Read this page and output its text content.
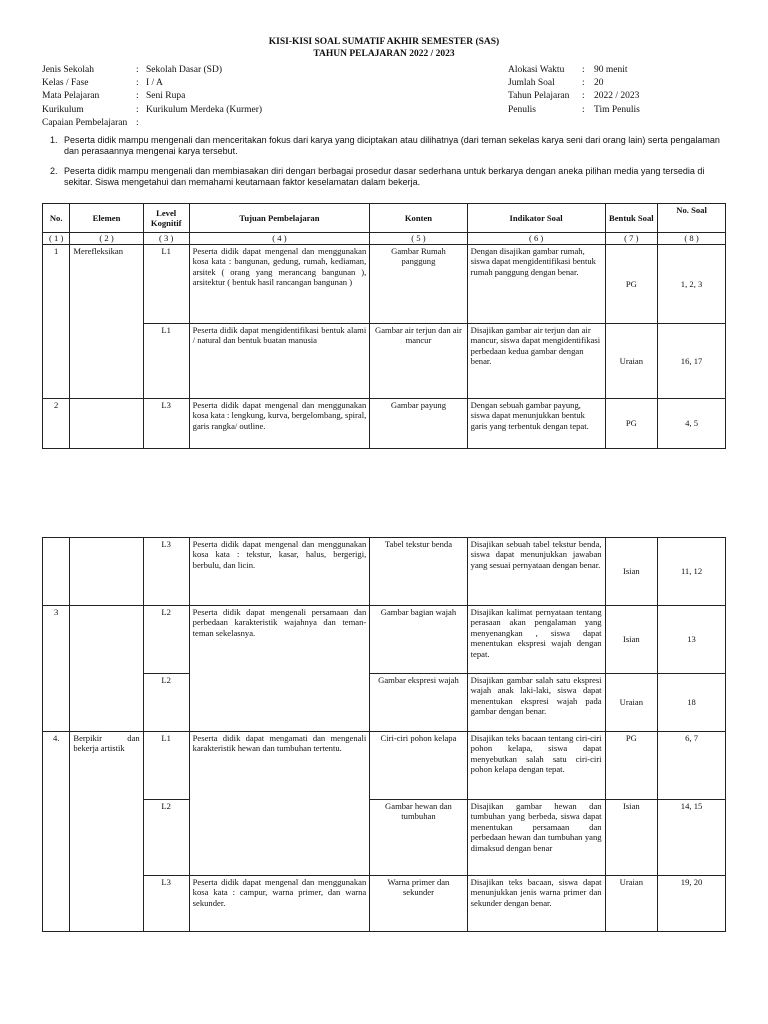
KISI-KISI SOAL SUMATIF AKHIR SEMESTER (SAS)
TAHUN PELAJARAN 2022 / 2023
Jenis Sekolah	: Sekolah Dasar (SD)
Kelas / Fase	: I / A
Mata Pelajaran	: Seni Rupa
Kurikulum	: Kurikulum Merdeka (Kurmer)
Capaian Pembelajaran :
Alokasi Waktu : 90 menit
Jumlah Soal	: 20
Tahun Pelajaran : 2022 / 2023
Penulis	: Tim Penulis
1. Peserta didik mampu mengenali dan menceritakan fokus dari karya yang diciptakan atau dilihatnya (dari teman sekelas karya seni dari orang lain) serta pengalaman dan perasaannya mengenai karya tersebut.
2. Peserta didik mampu mengenali dan membiasakan diri dengan berbagai prosedur dasar sederhana untuk berkarya dengan aneka pilihan media yang tersedia di sekitar. Siswa mengetahui dan memahami keutamaan faktor keselamatan dalam bekerja.
No.	Elemen	Level Kognitif	Tujuan Pembelajaran	Konten	Indikator Soal	Bentuk Soal	No. Soal
( 1 )	( 2 )	( 3 )	( 4 )	( 5 )	( 6 )	( 7 )	( 8 )
1	Merefleksikan	L1	Peserta didik dapat mengenal dan menggunakan kosa kata : bangunan, gedung, rumah, kediaman, arsitek ( orang yang merancang bangunan ), arsitektur ( bentuk hasil rancangan bangunan )	Gambar Rumah panggung	Dengan disajikan gambar rumah, siswa dapat mengidentifikasi bentuk rumah panggung dengan benar.	PG	1, 2, 3
		L1	Peserta didik dapat mengidentifikasi bentuk alami / natural dan bentuk buatan manusia	Gambar air terjun dan air mancur	Disajikan gambar air terjun dan air mancur, siswa dapat mengidentifikasi perbedaan kedua gambar dengan benar.	Uraian	16, 17
2		L3	Peserta didik dapat mengenal dan menggunakan kosa kata : lengkung, kurva, bergelombang, spiral, garis rangka/ outline.	Gambar payung	Dengan sebuah gambar payung, siswa dapat menunjukkan bentuk garis yang terbentuk dengan tepat.	PG	4, 5
		L3	Peserta didik dapat mengenal dan menggunakan kosa kata : tekstur, kasar, halus, bergerigi, berbulu, dan licin.	Tabel tekstur benda	Disajikan sebuah tabel tekstur benda, siswa dapat menunjukkan jawaban yang sesuai pernyataan dengan benar.	Isian	11, 12
3		L2	Peserta didik dapat mengenali persamaan dan perbedaan karakteristik wajahnya dan teman-teman sekelasnya.	Gambar bagian wajah	Disajikan kalimat pernyataan tentang perasaan akan pengalaman yang menyenangkan , siswa dapat menentukan ekspresi wajah dengan tepat.	Isian	13
		L2		Gambar ekspresi wajah	Disajikan gambar salah satu ekspresi wajah anak laki-laki, siswa dapat menentukan ekspresi wajah pada gambar dengan benar.	Uraian	18
4.	Berpikir dan bekerja artistik	L1	Peserta didik dapat mengamati dan mengenali karakteristik hewan dan tumbuhan tertentu.	Ciri-ciri pohon kelapa	Disajikan teks bacaan tentang ciri-ciri pohon kelapa, siswa dapat menyebutkan salah satu ciri-ciri pohon kelapa dengan tepat.	PG	6, 7
		L2		Gambar hewan dan tumbuhan	Disajikan gambar hewan dan tumbuhan yang berbeda, siswa dapat menentukan persamaan dan perbedaan hewan dan tumbuhan yang dimaksud dengan benar	Isian	14, 15
		L3	Peserta didik dapat mengenal dan menggunakan kosa kata : campur, warna primer, dan warna sekunder.	Warna primer dan sekunder	Disajikan teks bacaan, siswa dapat menunjukkan jenis warna primer dan sekunder dengan benar.	Uraian	19, 20
